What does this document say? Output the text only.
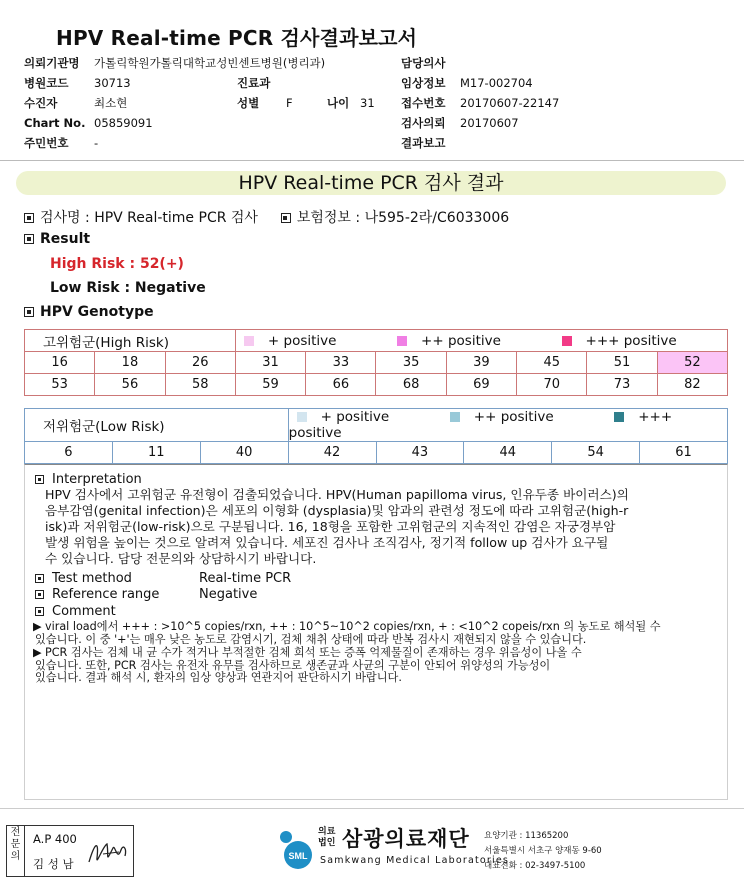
HPV Real-time PCR 검사결과보고서
의뢰기관명 가톨릭학원가톨릭대학교성빈센트병원(병리과)	담당의사
병원코드 30713	진료과	임상정보 M17-002704
수진자	최소현	성별 F	나이 31 접수번호 20170607-22147
Chart No. 05859091	검사의뢰 20170607
주민번호 -	결과보고
HPV Real-time PCR 검사 결과
검사명 : HPV Real-time PCR 검사	보험정보 : 나595-2라/C6033006
Result
High Risk : 52(+)
Low Risk : Negative
HPV Genotype
고위험군(High Risk)			+ positive ++ positive +++ positive						
16	18	26	31	33	35	39	45	51	52
53	56	58	59	66	68	69	70	73	82
저위험군(Low Risk)			+ positive ++ positive +++ positive				
6	11	40	42	43	44	54	61
Interpretation
HPV 검사에서 고위험군 유전형이 검출되었습니다. HPV(Human papilloma virus, 인유두종 바이러스)의
음부감염(genital infection)은 세포의 이형화 (dysplasia)및 암과의 관련성 정도에 따라 고위험군(high-r
isk)과 저위험군(low-risk)으로 구분됩니다. 16, 18형을 포함한 고위험군의 지속적인 감염은 자궁경부암
발생 위험을 높이는 것으로 알려져 있습니다. 세포진 검사나 조직검사, 정기적 follow up 검사가 요구될
수 있습니다. 담당 전문의와 상담하시기 바랍니다.
Test method	Real-time PCR
Reference range	Negative
Comment
▶ viral load에서 +++ : >10^5 copies/rxn, ++ : 10^5~10^2 copies/rxn, + : <10^2 copeis/rxn 의 농도로 해석될 수
있습니다. 이 중 '+'는 매우 낮은 농도로 감염시기, 검체 채취 상태에 따라 반복 검사시 재현되지 않을 수 있습니다.
▶ PCR 검사는 검체 내 균 수가 적거나 부적절한 검체 희석 또는 증폭 억제물질이 존재하는 경우 위음성이 나올 수
있습니다. 또한, PCR 검사는 유전자 유무를 검사하므로 생존균과 사균의 구분이 안되어 위양성의 가능성이
있습니다. 결과 해석 시, 환자의 임상 양상과 연관지어 판단하시기 바랍니다.
전문의
A.P 400
김 성 남
SML
의료
법인 삼광의료재단
Samkwang Medical Laboratories
요양기관 : 11365200
서울특별시 서초구 양재동 9-60
대표전화 : 02-3497-5100
